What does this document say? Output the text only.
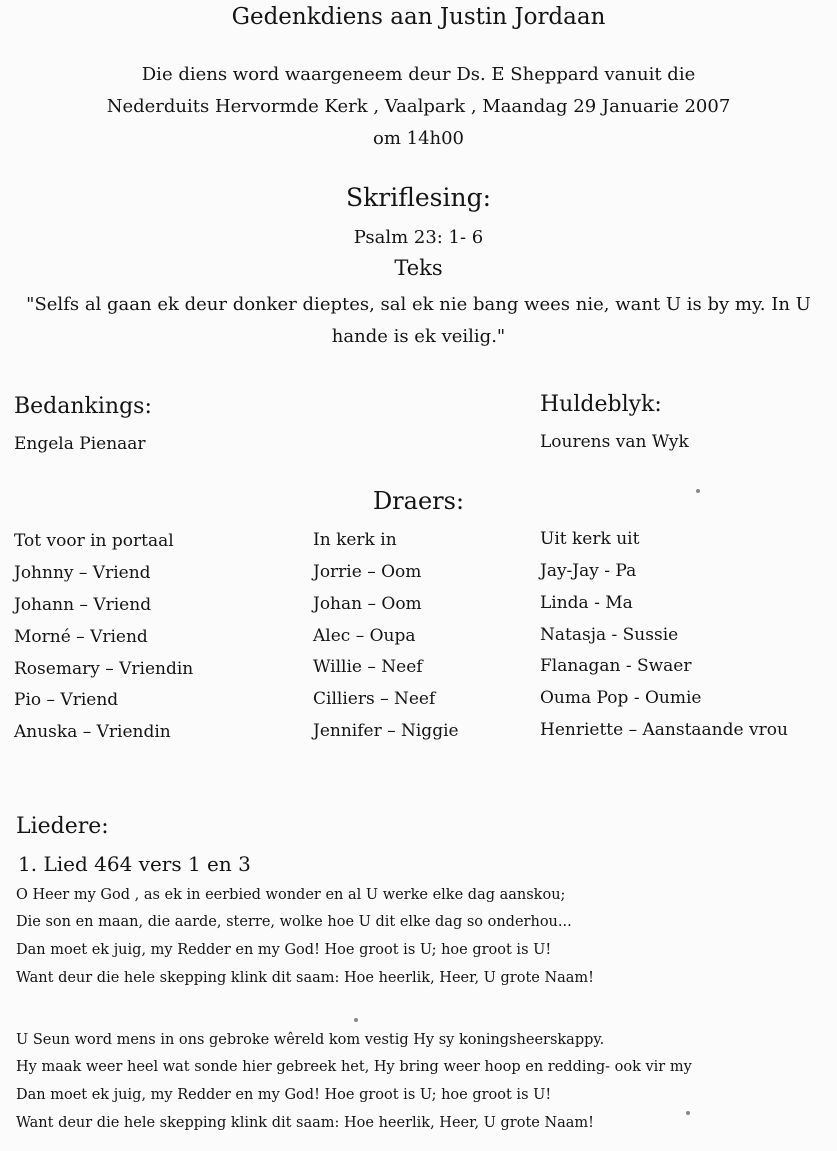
Gedenkdiens aan Justin Jordaan
Die diens word waargeneem deur Ds. E Sheppard vanuit die
Nederduits Hervormde Kerk , Vaalpark , Maandag 29 Januarie 2007
om 14h00
Skriflesing:
Psalm 23: 1- 6
Teks
"Selfs al gaan ek deur donker dieptes, sal ek nie bang wees nie, want U is by my. In U
hande is ek veilig."
Bedankings:
Engela Pienaar
Huldeblyk:
Lourens van Wyk
Draers:
Tot voor in portaal
Johnny – Vriend
Johann – Vriend
Morné – Vriend
Rosemary – Vriendin
Pio – Vriend
Anuska – Vriendin
In kerk in
Jorrie – Oom
Johan – Oom
Alec – Oupa
Willie – Neef
Cilliers – Neef
Jennifer – Niggie
Uit kerk uit
Jay-Jay - Pa
Linda - Ma
Natasja - Sussie
Flanagan - Swaer
Ouma Pop - Oumie
Henriette – Aanstaande vrou
Liedere:
1. Lied 464 vers 1 en 3
O Heer my God , as ek in eerbied wonder en al U werke elke dag aanskou;
Die son en maan, die aarde, sterre, wolke hoe U dit elke dag so onderhou...
Dan moet ek juig, my Redder en my God! Hoe groot is U; hoe groot is U!
Want deur die hele skepping klink dit saam: Hoe heerlik, Heer, U grote Naam!
U Seun word mens in ons gebroke wêreld kom vestig Hy sy koningsheerskappy.
Hy maak weer heel wat sonde hier gebreek het, Hy bring weer hoop en redding- ook vir my
Dan moet ek juig, my Redder en my God! Hoe groot is U; hoe groot is U!
Want deur die hele skepping klink dit saam: Hoe heerlik, Heer, U grote Naam!
